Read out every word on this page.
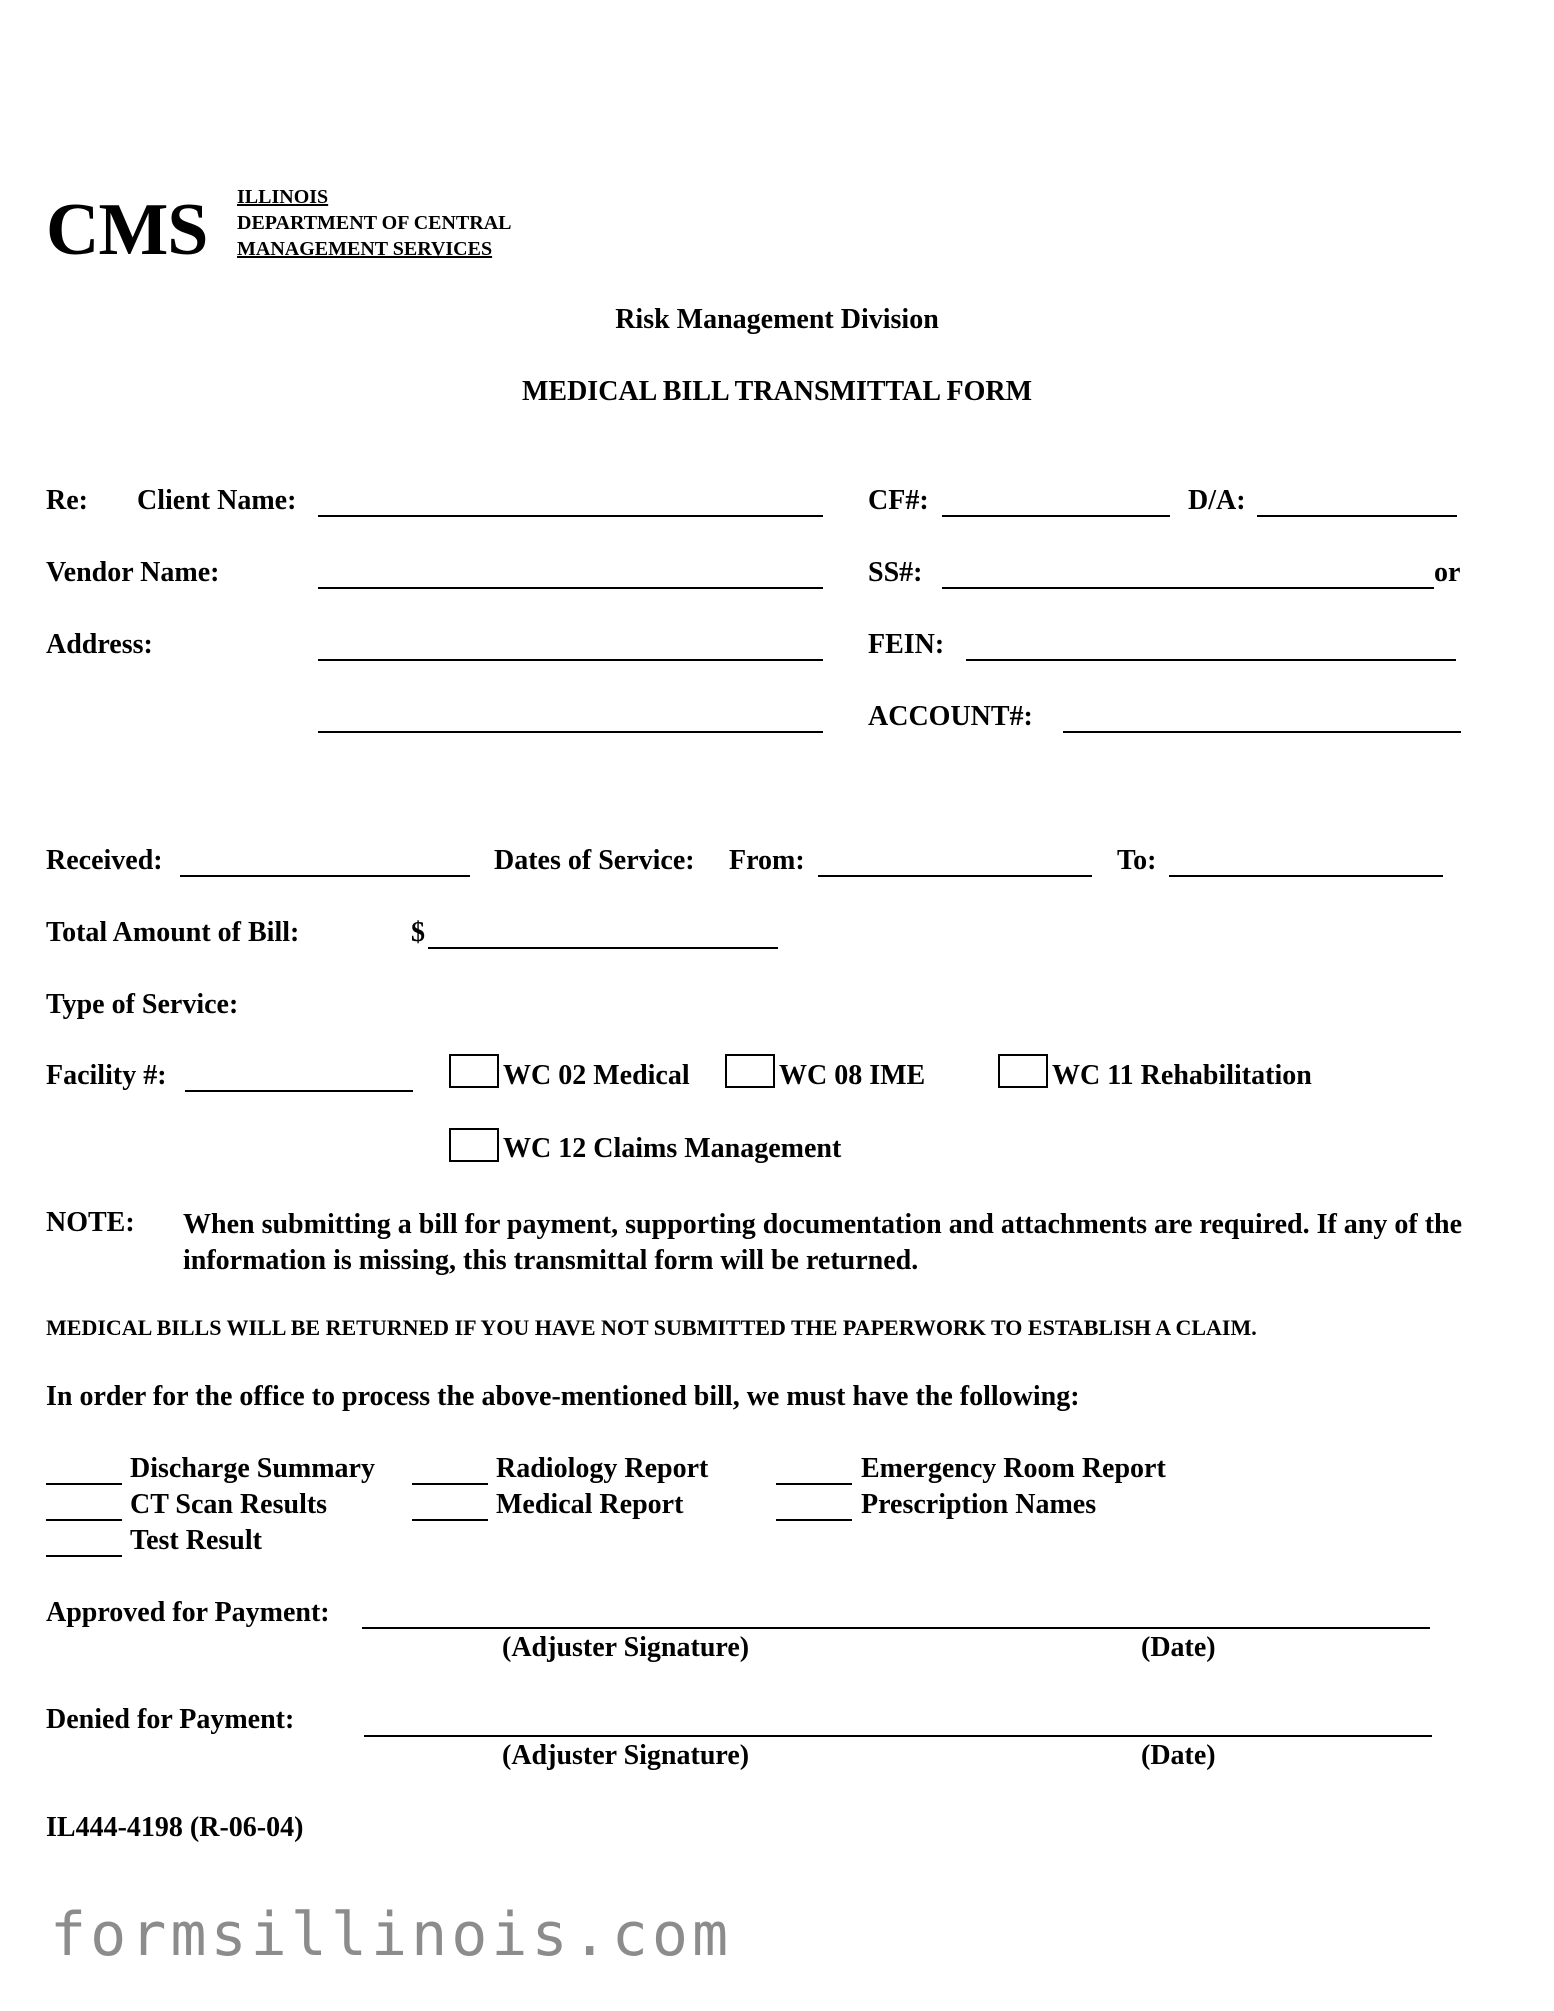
CMS ILLINOIS
DEPARTMENT OF CENTRAL
MANAGEMENT SERVICES
Risk Management Division
MEDICAL BILL TRANSMITTAL FORM
Re: Client Name:	CF#:	D/A:
Vendor Name:	SS#:	or
Address:	FEIN:
ACCOUNT#:
Received:	Dates of Service: From:	To:
Total Amount of Bill:	$
Type of Service:
Facility #:	WC 02 Medical	WC 08 IME	WC 11 Rehabilitation
WC 12 Claims Management
NOTE: When submitting a bill for payment, supporting documentation and attachments are required. If any of the information is missing, this transmittal form will be returned.
MEDICAL BILLS WILL BE RETURNED IF YOU HAVE NOT SUBMITTED THE PAPERWORK TO ESTABLISH A CLAIM.
In order for the office to process the above-mentioned bill, we must have the following:
Discharge Summary	Radiology Report	Emergency Room Report
CT Scan Results	Medical Report	Prescription Names
Test Result
Approved for Payment:
(Adjuster Signature)	(Date)
Denied for Payment:
(Adjuster Signature)	(Date)
IL444-4198 (R-06-04)
formsillinois.com
